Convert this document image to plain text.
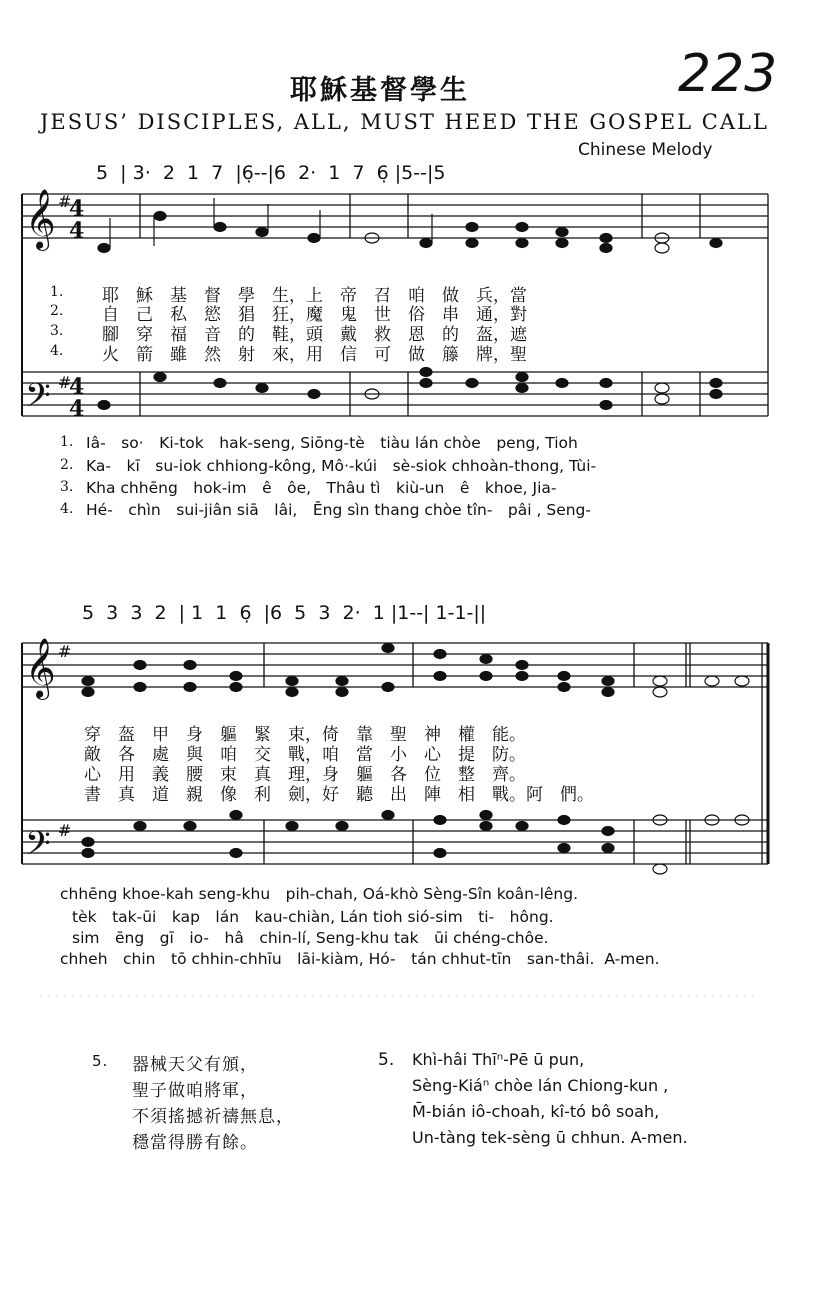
223
耶穌基督學生
JESUS’ DISCIPLES, ALL, MUST HEED THE GOSPEL CALL
Chinese Melody
𝄞
𝄢
𝄞
𝄢
#
#
#
#
4
4
4
4
5  | 3·  2  1  7  |6̣--|6  2·  1  7  6̣ |5--|5
1. 耶　穌　基　督　學　生，上　帝　召　咱　做　兵，當
2. 自　己　私　慾　猖　狂，魔　鬼　世　俗　串　通，對
3. 腳　穿　福　音　的　鞋，頭　戴　救　恩　的　盔，遮
4. 火　箭　雖　然　射　來，用　信　可　做　籐　牌，聖
1. Iâ-　so·　Ki-tok　hak-seng, Siōng-tè　tiàu lán chòe　peng, Tioh
2. Ka-　kī　su-iok chhiong-kông, Mô·-kúi　sè-siok chhoàn-thong, Tùi-
3. Kha chhēng　hok-im　ê　ôe,　Thâu tì　kiù-un　ê　khoe, Jia-
4. Hé-　chìn　sui-jiân siā　lâi,　Ēng sìn thang chòe tîn-　pâi , Seng-
5  3  3  2  | 1  1  6̣  |6  5  3  2·  1 |1--| 1-1-||
穿　盔　甲　身　軀　緊　束，倚　靠　聖　神　權　能。
敵　各　處　與　咱　交　戰，咱　當　小　心　提　防。
心　用　義　腰　束　真　理，身　軀　各　位　整　齊。
書　真　道　親　像　利　劍，好　聽　出　陣　相　戰。阿　們。
chhēng khoe-kah seng-khu　pih-chah, Oá-khò Sèng-Sîn koân-lêng.
tèk　tak-ūi　kap　lán　kau-chiàn, Lán tioh sió-sim　ti-　hông.
sim　ēng　gī　io-　hâ　chin-lí, Seng-khu tak　ūi chéng-chôe.
chheh　chin　tō chhin-chhīu　lāi-kiàm, Hó-　tán chhut-tīn　san-thâi.  A-men.
5. 器械天父有頒，
聖子做咱將軍，
不須搖撼祈禱無息，
穩當得勝有餘。
5. Khì-hâi Thīⁿ-Pē ū pun,
Sèng-Kiáⁿ chòe lán Chiong-kun ,
M̄-bián iô-choah, kî-tó bô soah,
Un-tàng tek-sèng ū chhun. A-men.
